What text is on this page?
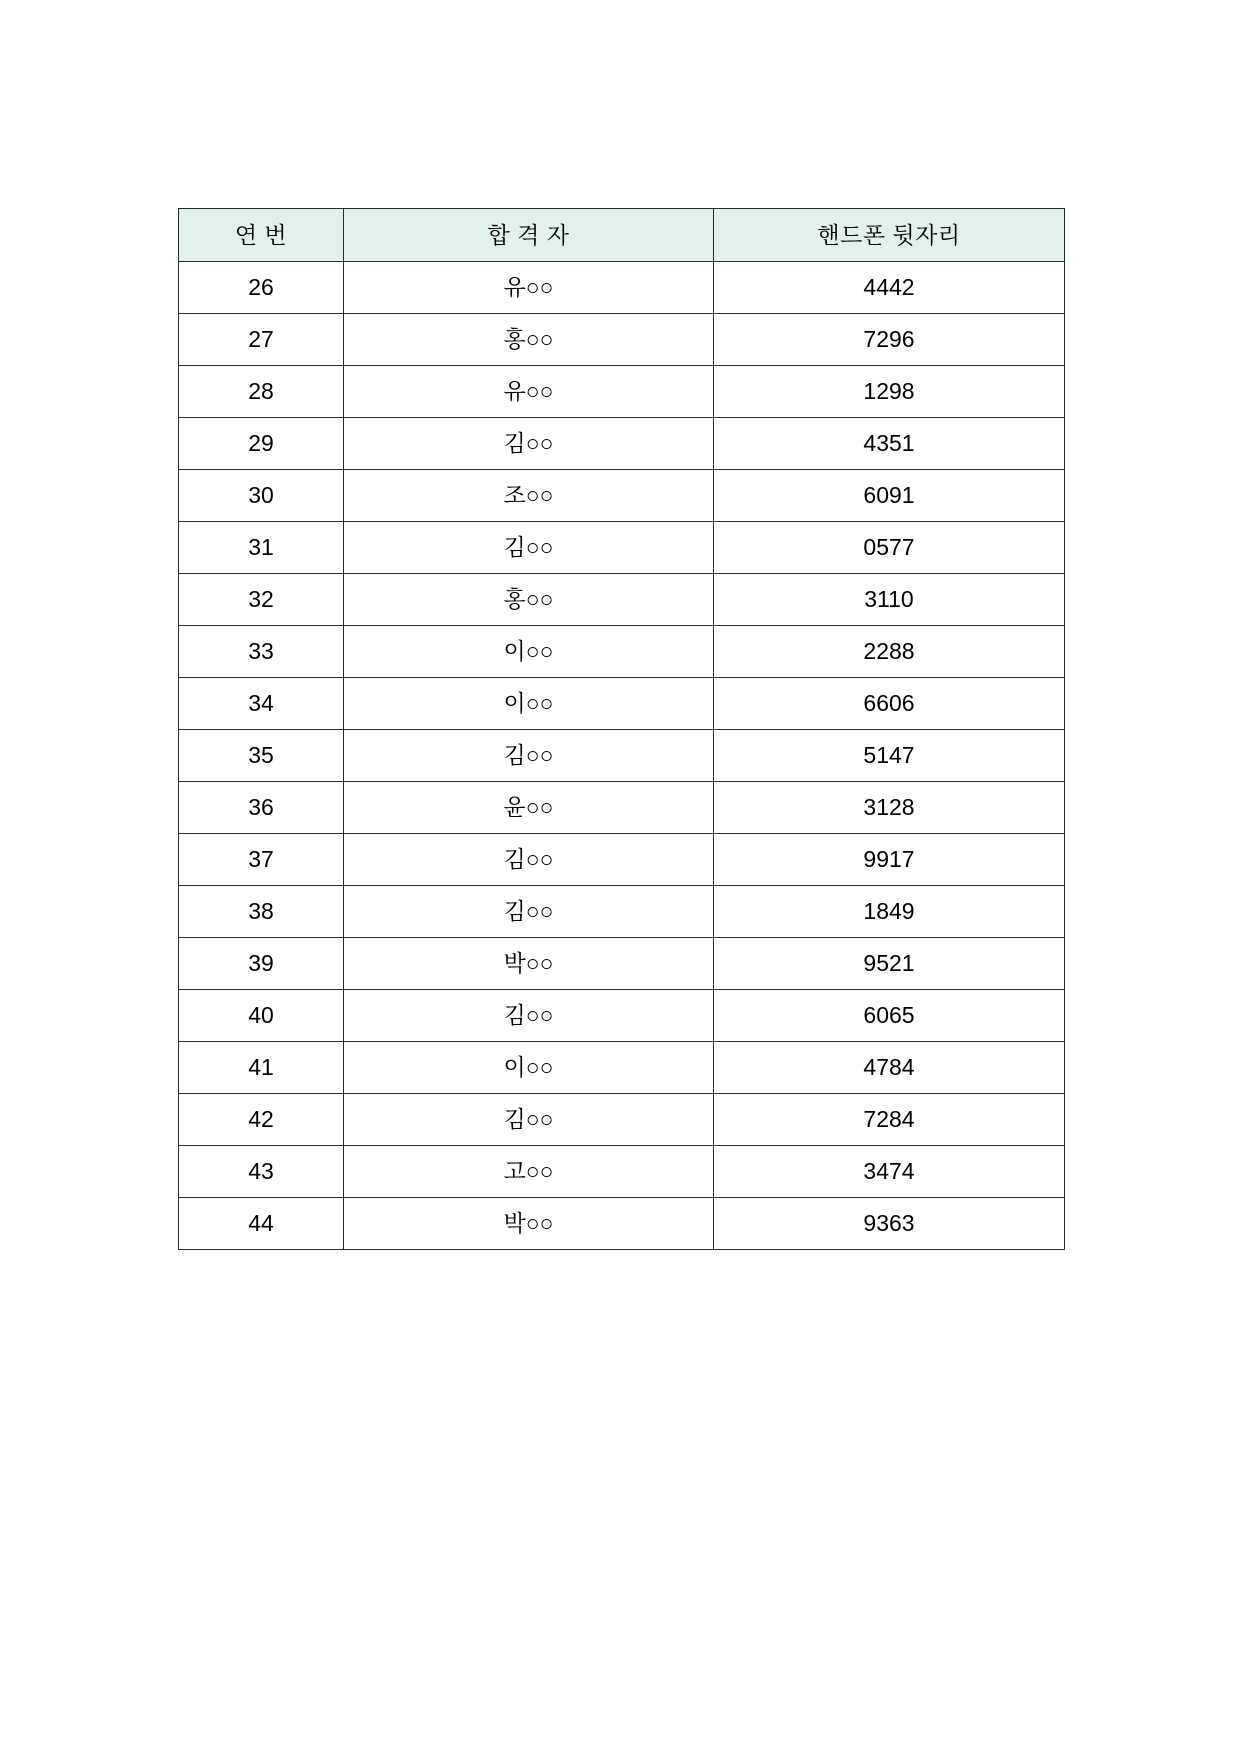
연 번	합 격 자	핸드폰 뒷자리
26	유○○	4442
27	홍○○	7296
28	유○○	1298
29	김○○	4351
30	조○○	6091
31	김○○	0577
32	홍○○	3110
33	이○○	2288
34	이○○	6606
35	김○○	5147
36	윤○○	3128
37	김○○	9917
38	김○○	1849
39	박○○	9521
40	김○○	6065
41	이○○	4784
42	김○○	7284
43	고○○	3474
44	박○○	9363
